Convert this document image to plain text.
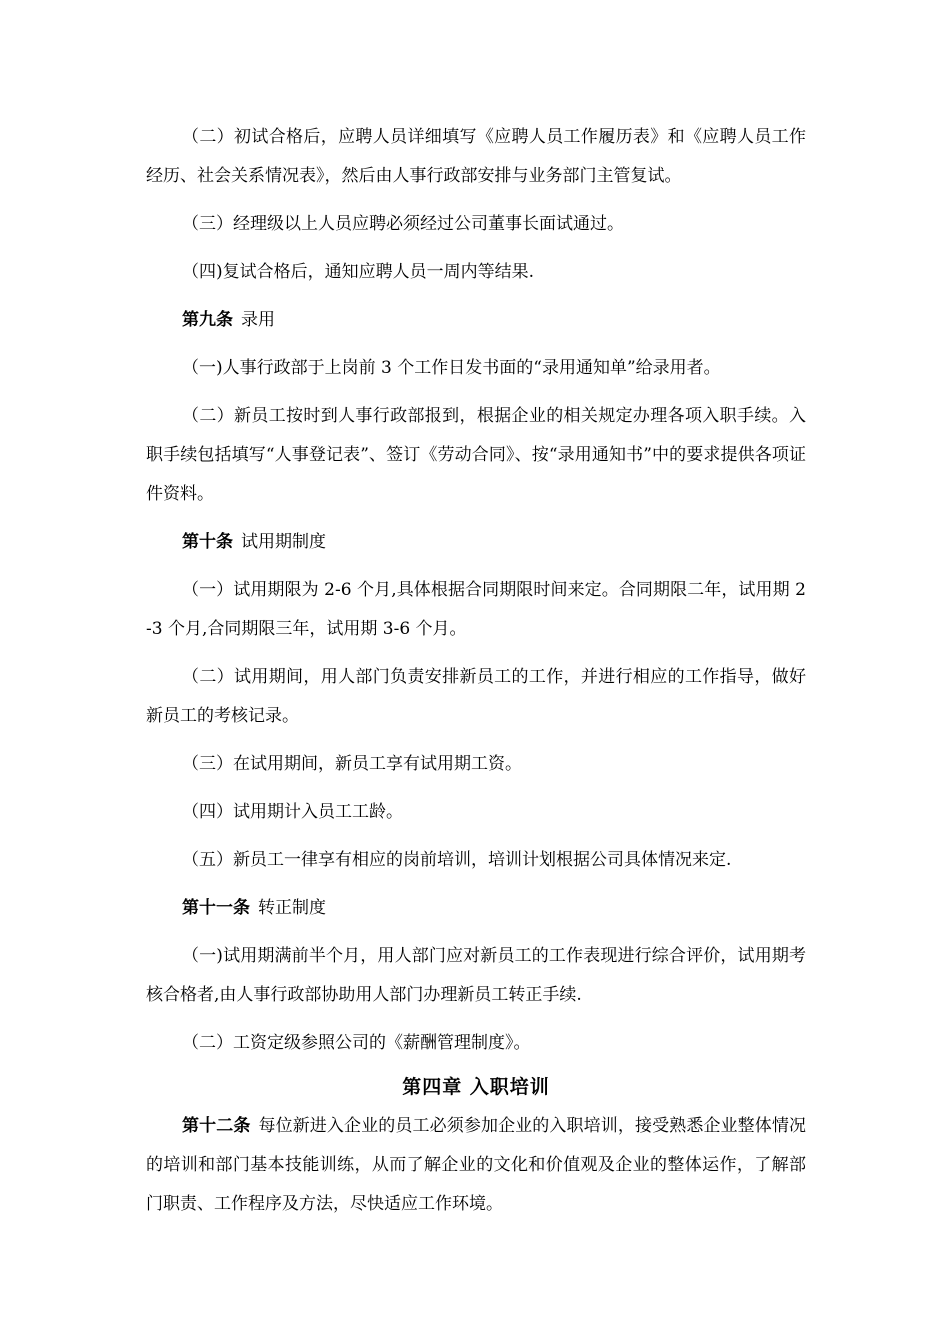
（二）初试合格后，应聘人员详细填写《应聘人员工作履历表》和《应聘人员工作经历、社会关系情况表》，然后由人事行政部安排与业务部门主管复试。

（三）经理级以上人员应聘必须经过公司董事长面试通过。

（四)复试合格后，通知应聘人员一周内等结果.

第九条 录用

（一)人事行政部于上岗前 3 个工作日发书面的“录用通知单”给录用者。

（二）新员工按时到人事行政部报到，根据企业的相关规定办理各项入职手续。入职手续包括填写“人事登记表”、签订《劳动合同》、按“录用通知书”中的要求提供各项证件资料。

第十条 试用期制度

（一）试用期限为 2-6 个月,具体根据合同期限时间来定。合同期限二年，试用期 2 -3 个月,合同期限三年，试用期 3-6 个月。

（二）试用期间，用人部门负责安排新员工的工作，并进行相应的工作指导，做好新员工的考核记录。

（三）在试用期间，新员工享有试用期工资。

（四）试用期计入员工工龄。

（五）新员工一律享有相应的岗前培训，培训计划根据公司具体情况来定.

第十一条 转正制度

（一)试用期满前半个月，用人部门应对新员工的工作表现进行综合评价，试用期考核合格者,由人事行政部协助用人部门办理新员工转正手续.

（二）工资定级参照公司的《薪酬管理制度》。

第四章 入职培训

第十二条 每位新进入企业的员工必须参加企业的入职培训，接受熟悉企业整体情况的培训和部门基本技能训练，从而了解企业的文化和价值观及企业的整体运作，了解部门职责、工作程序及方法，尽快适应工作环境。
